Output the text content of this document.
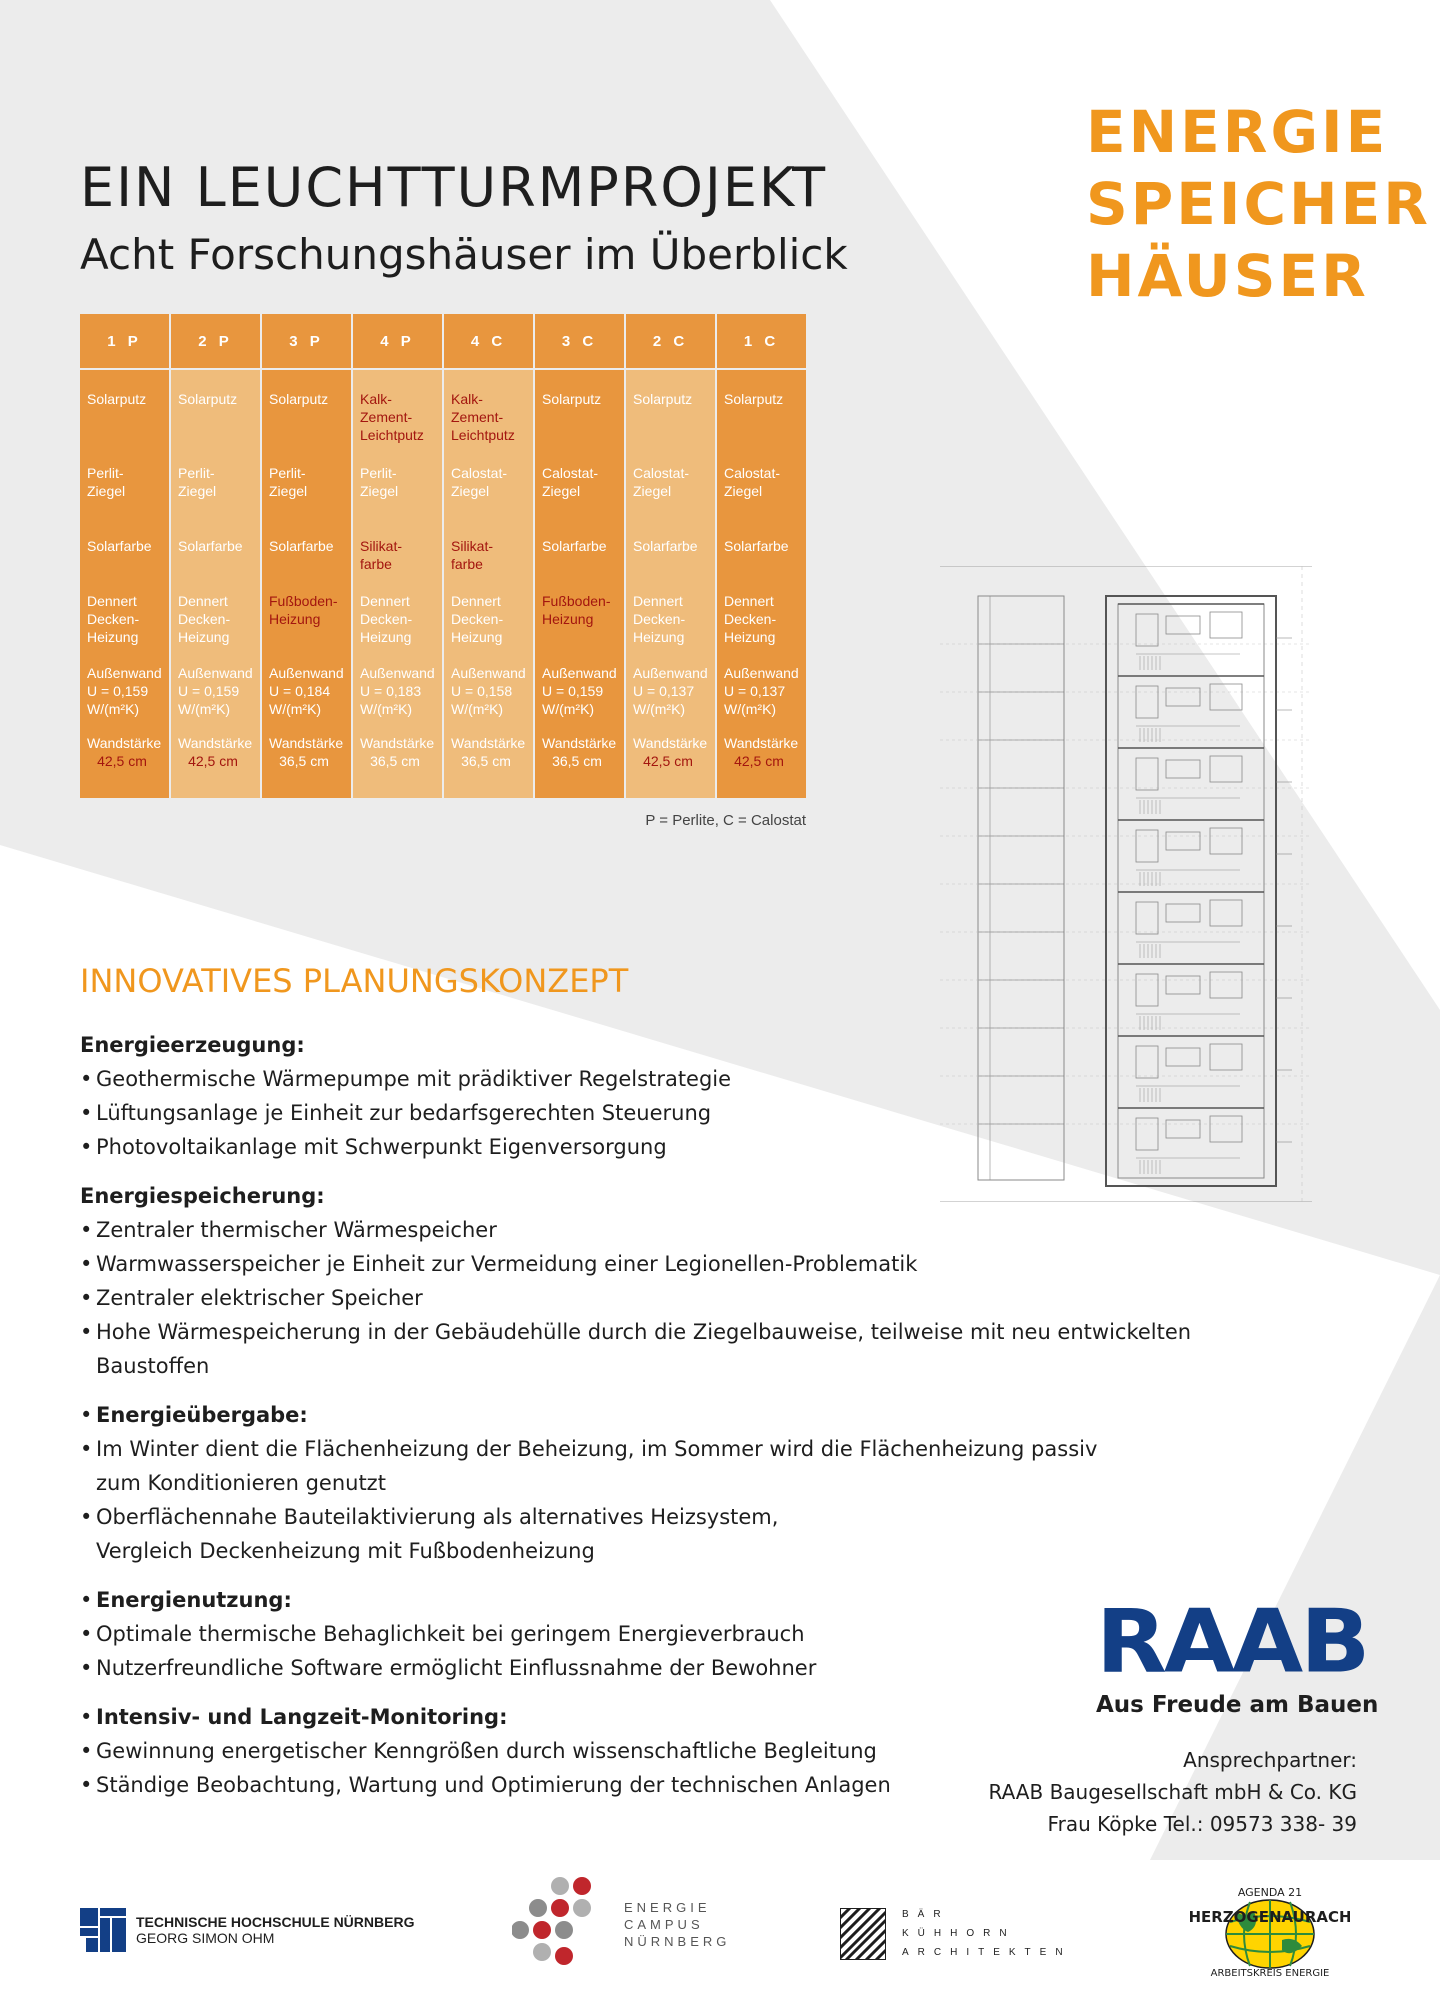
EIN LEUCHTTURMPROJEKT
Acht Forschungshäuser im Überblick
ENERGIE
SPEICHER
HÄUSER
1 P
Solarputz
Perlit-
Ziegel
Solarfarbe
Dennert
Decken-
Heizung
Außenwand
U = 0,159
W/(m²K)
Wandstärke
42,5 cm
2 P
Solarputz
Perlit-
Ziegel
Solarfarbe
Dennert
Decken-
Heizung
Außenwand
U = 0,159
W/(m²K)
Wandstärke
42,5 cm
3 P
Solarputz
Perlit-
Ziegel
Solarfarbe
Fußboden-
Heizung
Außenwand
U = 0,184
W/(m²K)
Wandstärke
36,5 cm
4 P
Kalk-
Zement-
Leichtputz
Perlit-
Ziegel
Silikat-
farbe
Dennert
Decken-
Heizung
Außenwand
U = 0,183
W/(m²K)
Wandstärke
36,5 cm
4 C
Kalk-
Zement-
Leichtputz
Calostat-
Ziegel
Silikat-
farbe
Dennert
Decken-
Heizung
Außenwand
U = 0,158
W/(m²K)
Wandstärke
36,5 cm
3 C
Solarputz
Calostat-
Ziegel
Solarfarbe
Fußboden-
Heizung
Außenwand
U = 0,159
W/(m²K)
Wandstärke
36,5 cm
2 C
Solarputz
Calostat-
Ziegel
Solarfarbe
Dennert
Decken-
Heizung
Außenwand
U = 0,137
W/(m²K)
Wandstärke
42,5 cm
1 C
Solarputz
Calostat-
Ziegel
Solarfarbe
Dennert
Decken-
Heizung
Außenwand
U = 0,137
W/(m²K)
Wandstärke
42,5 cm
P = Perlite, C = Calostat
INNOVATIVES PLANUNGSKONZEPT
Energieerzeugung:
• Geothermische Wärmepumpe mit prädiktiver Regelstrategie
• Lüftungsanlage je Einheit zur bedarfsgerechten Steuerung
• Photovoltaikanlage mit Schwerpunkt Eigenversorgung
Energiespeicherung:
• Zentraler thermischer Wärmespeicher
• Warmwasserspeicher je Einheit zur Vermeidung einer Legionellen-Problematik
• Zentraler elektrischer Speicher
• Hohe Wärmespeicherung in der Gebäudehülle durch die Ziegelbauweise, teilweise mit neu entwickelten Baustoffen
• Energieübergabe:
• Im Winter dient die Flächenheizung der Beheizung, im Sommer wird die Flächenheizung passiv
zum Konditionieren genutzt
• Oberflächennahe Bauteilaktivierung als alternatives Heizsystem,
Vergleich Deckenheizung mit Fußbodenheizung
• Energienutzung:
• Optimale thermische Behaglichkeit bei geringem Energieverbrauch
• Nutzerfreundliche Software ermöglicht Einflussnahme der Bewohner
• Intensiv- und Langzeit-Monitoring:
• Gewinnung energetischer Kenngrößen durch wissenschaftliche Begleitung
• Ständige Beobachtung, Wartung und Optimierung der technischen Anlagen
RAAB
Aus Freude am Bauen
Ansprechpartner:
RAAB Baugesellschaft mbH & Co. KG
Frau Köpke Tel.: 09573 338- 39
TECHNISCHE HOCHSCHULE NÜRNBERG
GEORG SIMON OHM
ENERGIE
CAMPUS
NÜRNBERG
BÄR
KÜHHORN
ARCHITEKTEN
AGENDA 21
HERZOGENAURACH
ARBEITSKREIS ENERGIE
